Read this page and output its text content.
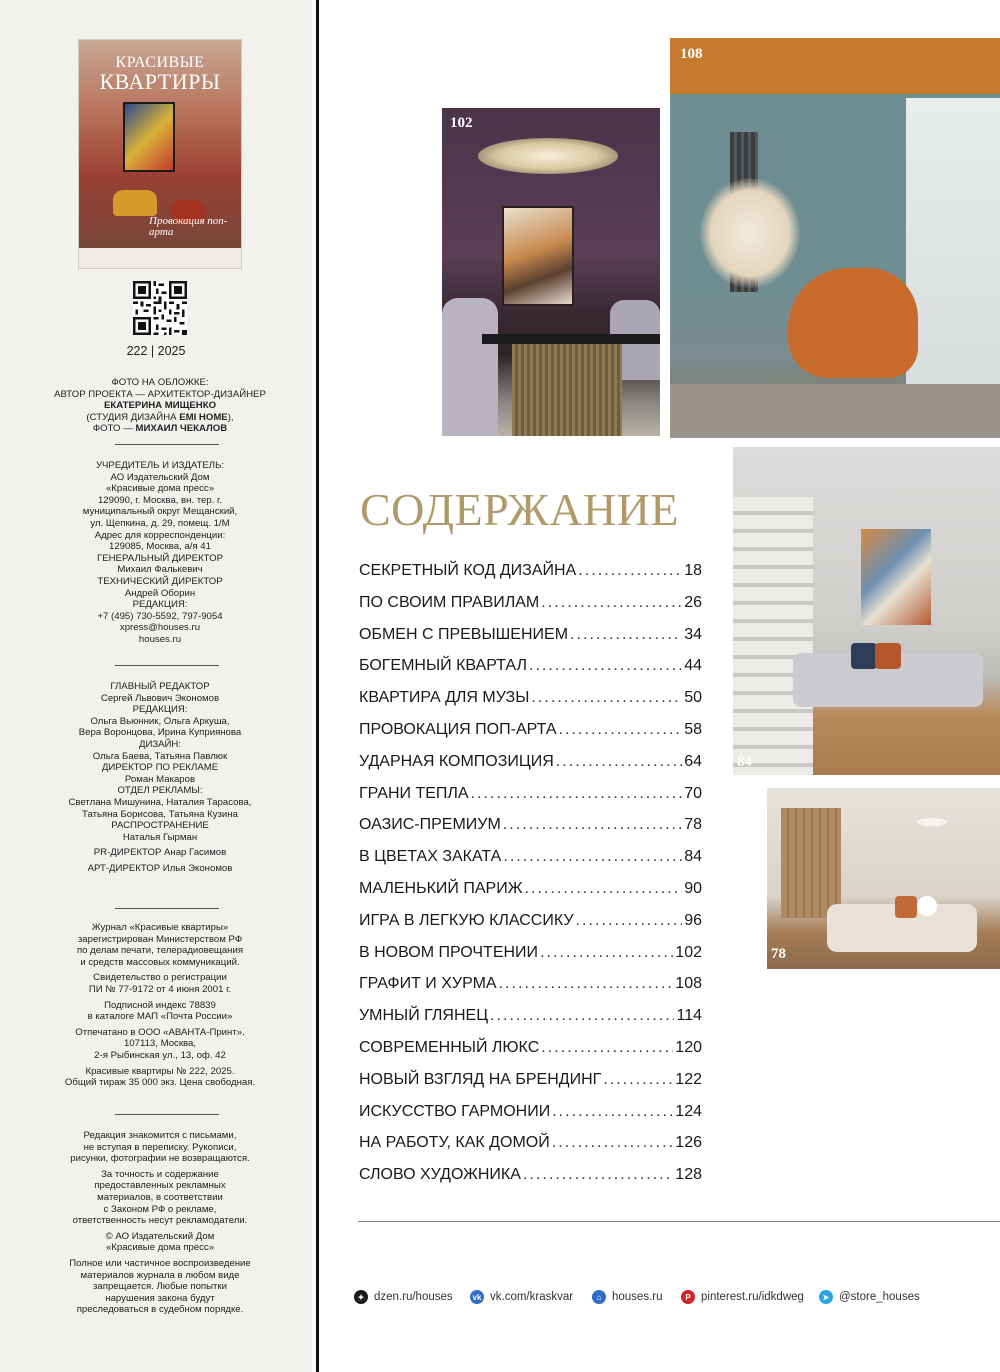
КРАСИВЫЕ
КВАРТИРЫ
Провокация поп-арта
222 | 2025

ФОТО НА ОБЛОЖКЕ:

АВТОР ПРОЕКТА — АРХИТЕКТОР-ДИЗАЙНЕР

ЕКАТЕРИНА МИЩЕНКО

(СТУДИЯ ДИЗАЙНА EMI HOME),

ФОТО — МИХАИЛ ЧЕКАЛОВ

УЧРЕДИТЕЛЬ И ИЗДАТЕЛЬ:

АО Издательский Дом

«Красивые дома пресс»

129090, г. Москва, вн. тер. г.

муниципальный округ Мещанский,

ул. Щепкина, д. 29, помещ. 1/М

Адрес для корреспонденции:

129085, Москва, а/я 41

ГЕНЕРАЛЬНЫЙ ДИРЕКТОР

Михаил Фалькевич

ТЕХНИЧЕСКИЙ ДИРЕКТОР

Андрей Оборин

РЕДАКЦИЯ:

+7 (495) 730-5592, 797-9054

xpress@houses.ru

houses.ru

ГЛАВНЫЙ РЕДАКТОР

Сергей Львович Экономов

РЕДАКЦИЯ:

Ольга Вьюнник, Ольга Аркуша,

Вера Воронцова, Ирина Куприянова

ДИЗАЙН:

Ольга Баева, Татьяна Павлюк

ДИРЕКТОР ПО РЕКЛАМЕ

Роман Макаров

ОТДЕЛ РЕКЛАМЫ:

Светлана Мишунина, Наталия Тарасова,

Татьяна Борисова, Татьяна Кузина

РАСПРОСТРАНЕНИЕ

Наталья Гырман

PR-ДИРЕКТОР Анар Гасимов

АРТ-ДИРЕКТОР Илья Экономов

Журнал «Красивые квартиры»

зарегистрирован Министерством РФ

по делам печати, телерадиовещания

и средств массовых коммуникаций.

Свидетельство о регистрации

ПИ № 77-9172 от 4 июня 2001 г.

Подписной индекс 78839

в каталоге МАП «Почта России»

Отпечатано в ООО «АВАНТА-Принт».

107113, Москва,

2-я Рыбинская ул., 13, оф. 42

Красивые квартиры № 222, 2025.

Общий тираж 35 000 экз. Цена свободная.

Редакция знакомится с письмами,

не вступая в переписку. Рукописи,

рисунки, фотографии не возвращаются.

За точность и содержание

предоставленных рекламных

материалов, в соответствии

с Законом РФ о рекламе,

ответственность несут рекламодатели.

© АО Издательский Дом

«Красивые дома пресс»

Полное или частичное воспроизведение

материалов журнала в любом виде

запрещается. Любые попытки

нарушения закона будут

преследоваться в судебном порядке.

102
108
84
78
СОДЕРЖАНИЕ
СЕКРЕТНЫЙ КОД ДИЗАЙНА . . .	18
ПО СВОИМ ПРАВИЛАМ . . .	26
ОБМЕН С ПРЕВЫШЕНИЕМ . . .	34
БОГЕМНЫЙ КВАРТАЛ . . .	44
КВАРТИРА ДЛЯ МУЗЫ . . .	50
ПРОВОКАЦИЯ ПОП-АРТА . . .	58
УДАРНАЯ КОМПОЗИЦИЯ . . .	64
ГРАНИ ТЕПЛА . . .	70
ОАЗИС-ПРЕМИУМ . . .	78
В ЦВЕТАХ ЗАКАТА . . .	84
МАЛЕНЬКИЙ ПАРИЖ . . .	90
ИГРА В ЛЕГКУЮ КЛАССИКУ . . .	96
В НОВОМ ПРОЧТЕНИИ . . .	102
ГРАФИТ И ХУРМА . . .	108
УМНЫЙ ГЛЯНЕЦ . . .	114
СОВРЕМЕННЫЙ ЛЮКС . . .	120
НОВЫЙ ВЗГЛЯД НА БРЕНДИНГ . . .	122
ИСКУССТВО ГАРМОНИИ . . .	124
НА РАБОТУ, КАК ДОМОЙ . . .	126
СЛОВО ХУДОЖНИКА . . .	128
✦ dzen.ru/houses	vk vk.com/kraskvar	⌂ houses.ru	P pinterest.ru/idkdweg	➤ @store_houses
